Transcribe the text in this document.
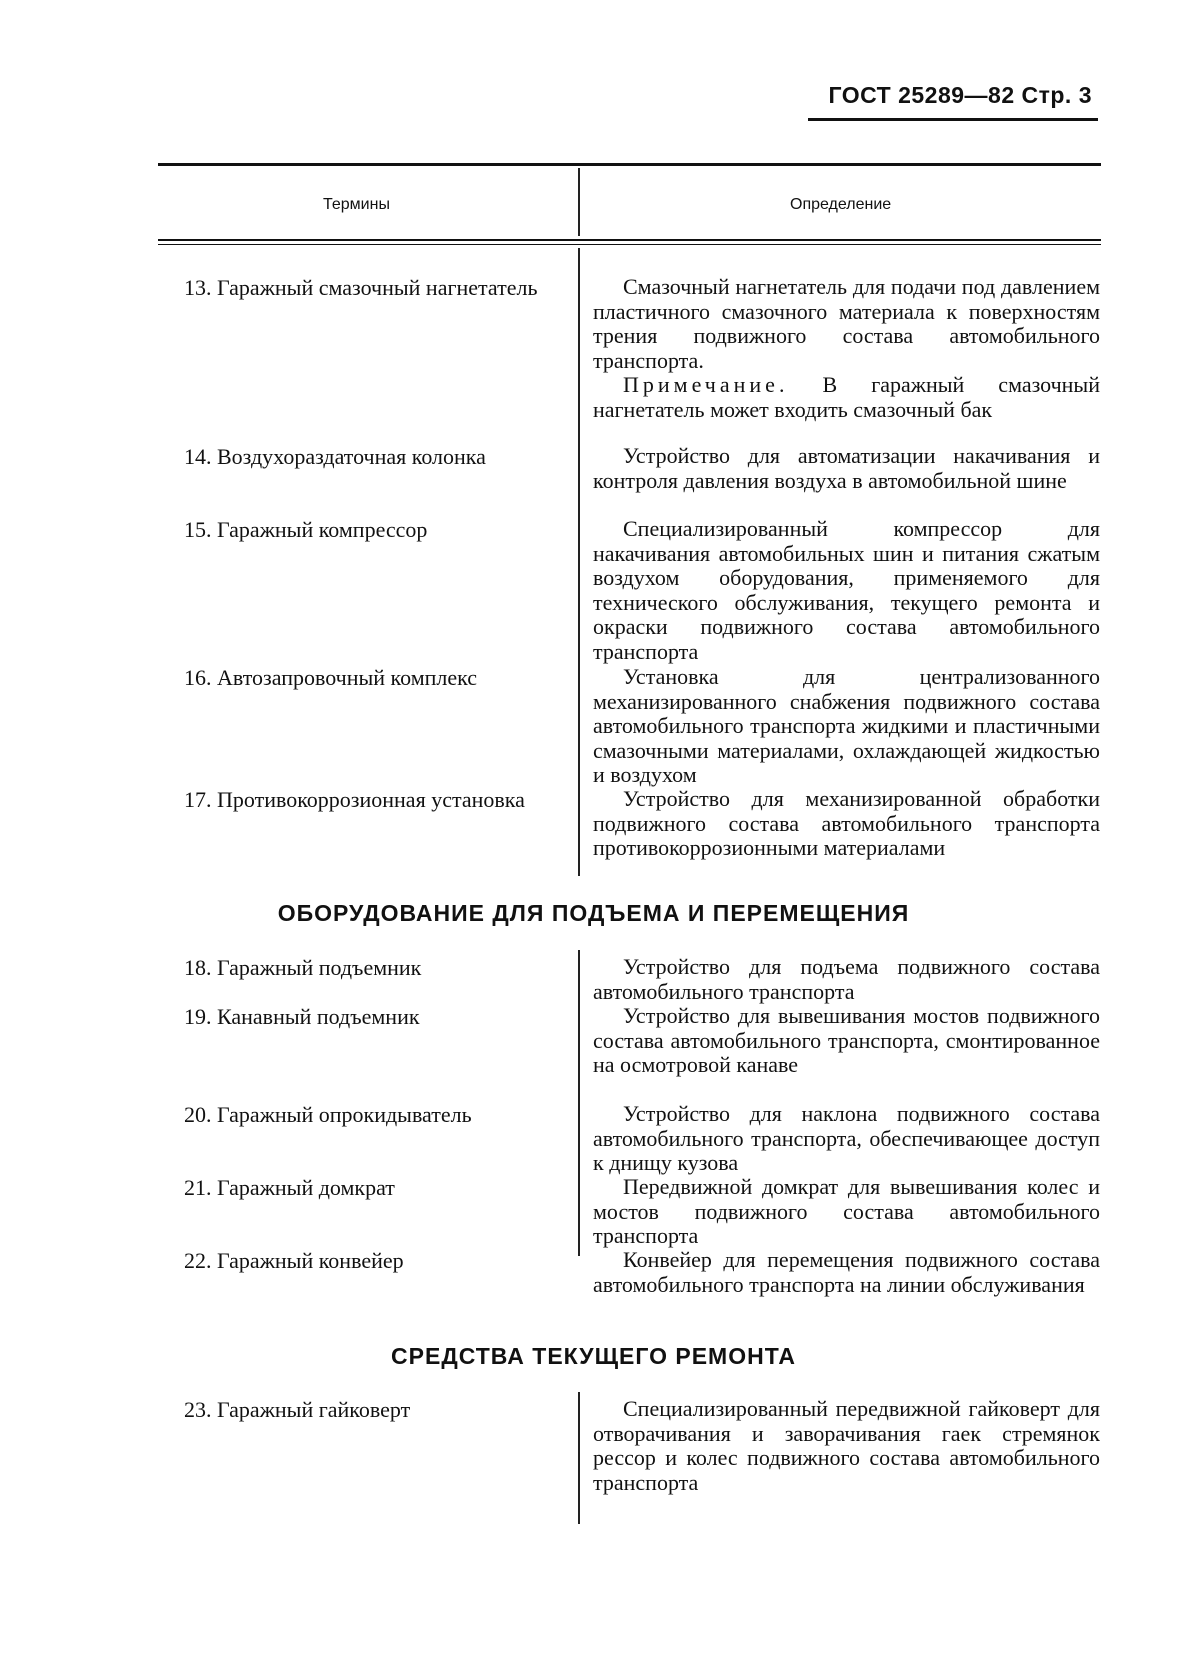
ГОСТ 25289—82 Стр. 3
Термины	Определение
13. Гаражный смазочный нагнетатель	Смазочный нагнетатель для подачи под давлением пластичного смазочного материала к поверхностям трения подвижного состава автомобильного транспорта.

Примечание. В гаражный смазочный нагнетатель может входить смазочный бак

14. Воздухораздаточная колонка	Устройство для автоматизации накачивания и контроля давления воздуха в автомобильной шине

15. Гаражный компрессор	Специализированный компрессор для накачивания автомобильных шин и питания сжатым воздухом оборудования, применяемого для технического обслуживания, текущего ремонта и окраски подвижного состава автомобильного транспорта

16. Автозапровочный комплекс	Установка для централизованного механизированного снабжения подвижного состава автомобильного транспорта жидкими и пластичными смазочными материалами, охлаждающей жидкостью и воздухом

17. Противокоррозионная установка	Устройство для механизированной обработки подвижного состава автомобильного транспорта противокоррозионными материалами

ОБОРУДОВАНИЕ ДЛЯ ПОДЪЕМА И ПЕРЕМЕЩЕНИЯ
18. Гаражный подъемник	Устройство для подъема подвижного состава автомобильного транспорта

19. Канавный подъемник	Устройство для вывешивания мостов подвижного состава автомобильного транспорта, смонтированное на осмотровой канаве

20. Гаражный опрокидыватель	Устройство для наклона подвижного состава автомобильного транспорта, обеспечивающее доступ к днищу кузова

21. Гаражный домкрат	Передвижной домкрат для вывешивания колес и мостов подвижного состава автомобильного транспорта

22. Гаражный конвейер	Конвейер для перемещения подвижного состава автомобильного транспорта на линии обслуживания

СРЕДСТВА ТЕКУЩЕГО РЕМОНТА
23. Гаражный гайковерт	Специализированный передвижной гайковерт для отворачивания и заворачивания гаек стремянок рессор и колес подвижного состава автомобильного транспорта
